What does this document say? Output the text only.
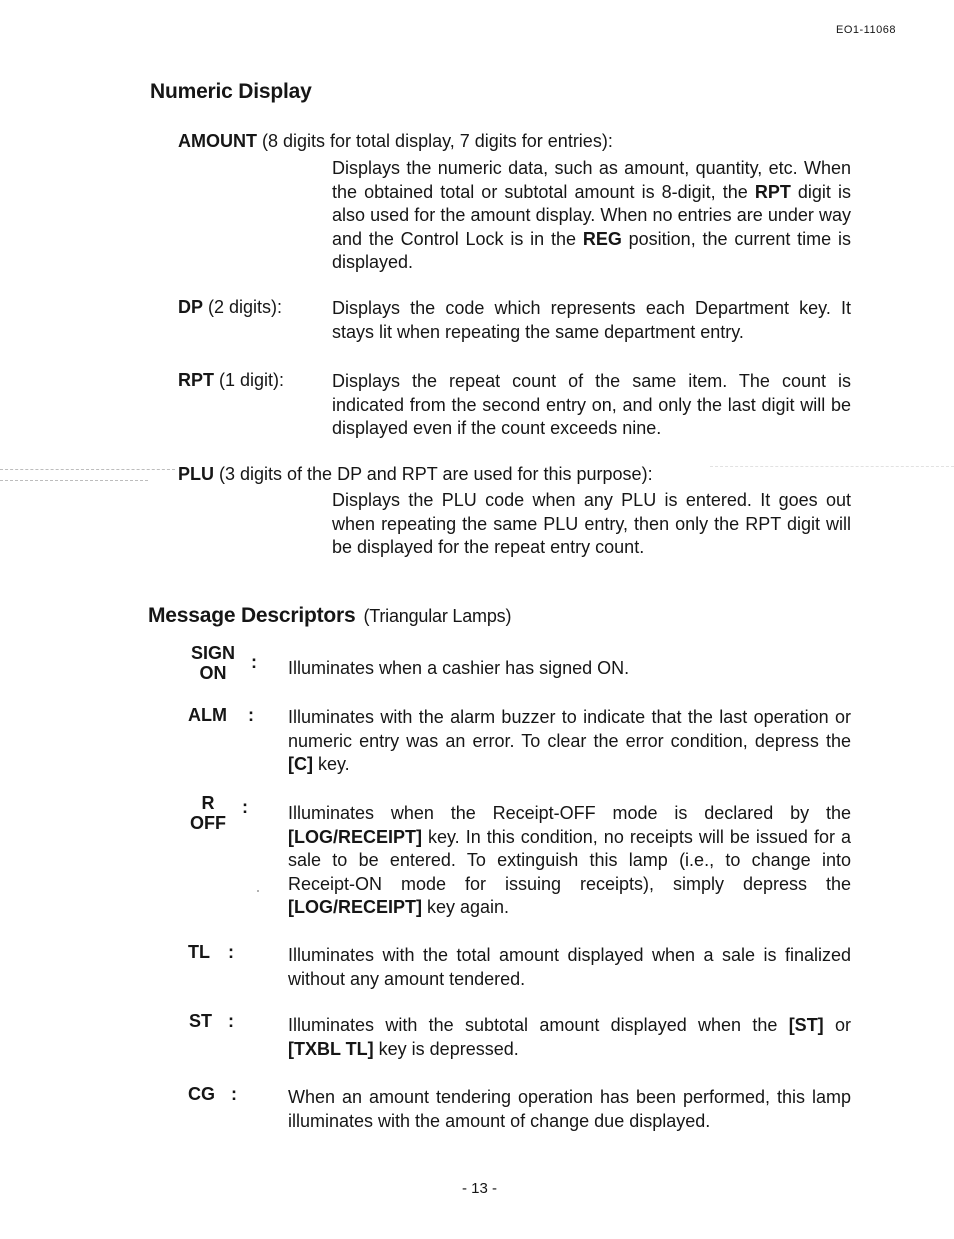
EO1-11068
Numeric Display
AMOUNT (8 digits for total display, 7 digits for entries):
Displays the numeric data, such as amount, quantity, etc. When the obtained total or subtotal amount is 8-digit, the RPT digit is also used for the amount display. When no entries are under way and the Control Lock is in the REG position, the current time is displayed.
DP (2 digits):	Displays the code which represents each Department key. It stays lit when repeating the same department entry.
RPT (1 digit):	Displays the repeat count of the same item. The count is indicated from the second entry on, and only the last digit will be displayed even if the count exceeds nine.
PLU (3 digits of the DP and RPT are used for this purpose):
Displays the PLU code when any PLU is entered. It goes out when repeating the same PLU entry, then only the RPT digit will be displayed for the repeat entry count.
Message Descriptors (Triangular Lamps)
SIGN
ON
: Illuminates when a cashier has signed ON.
ALM : Illuminates with the alarm buzzer to indicate that the last operation or numeric entry was an error. To clear the error condition, depress the [C] key.
R
OFF
: Illuminates when the Receipt-OFF mode is declared by the [LOG/RECEIPT] key. In this condition, no receipts will be issued for a sale to be entered. To extinguish this lamp (i.e., to change into Receipt-ON mode for issuing receipts), simply depress the [LOG/RECEIPT] key again.
TL :	Illuminates with the total amount displayed when a sale is finalized without any amount tendered.
ST :	Illuminates with the subtotal amount displayed when the [ST] or [TXBL TL] key is depressed.
CG :	When an amount tendering operation has been performed, this lamp illuminates with the amount of change due displayed.
- 13 -
